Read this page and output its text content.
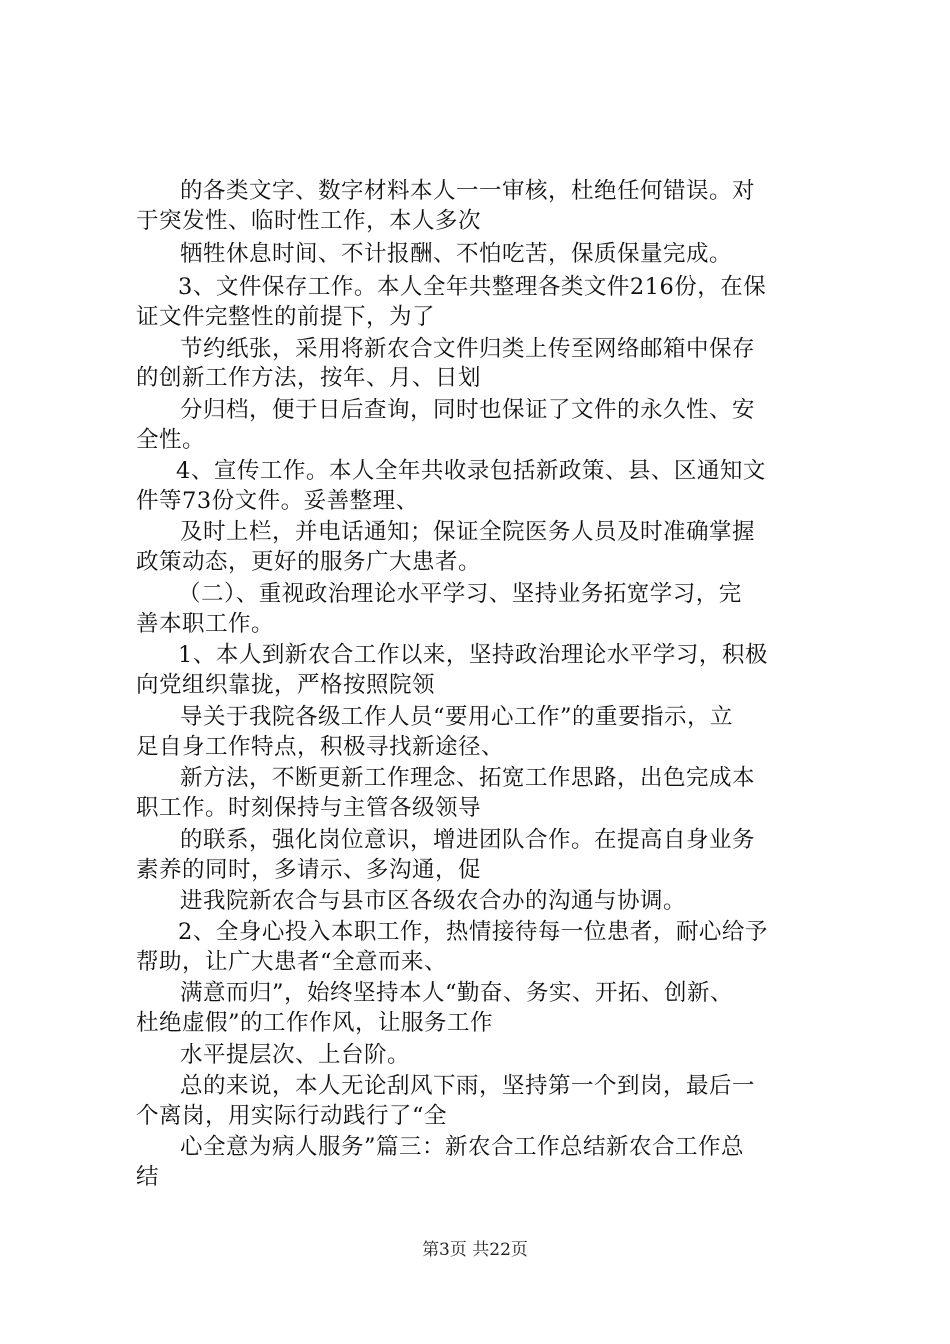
的各类文字、数字材料本人一一审核，杜绝任何错误。对
于突发性、临时性工作，本人多次
牺牲休息时间、不计报酬、不怕吃苦，保质保量完成。
3、文件保存工作。本人全年共整理各类文件216份，在保
证文件完整性的前提下，为了
节约纸张，采用将新农合文件归类上传至网络邮箱中保存
的创新工作方法，按年、月、日划
分归档，便于日后查询，同时也保证了文件的永久性、安
全性。
4、宣传工作。本人全年共收录包括新政策、县、区通知文
件等73份文件。妥善整理、
及时上栏，并电话通知；保证全院医务人员及时准确掌握
政策动态，更好的服务广大患者。
（二）、重视政治理论水平学习、坚持业务拓宽学习，完
善本职工作。
1、本人到新农合工作以来，坚持政治理论水平学习，积极
向党组织靠拢，严格按照院领
导关于我院各级工作人员“要用心工作”的重要指示，立
足自身工作特点，积极寻找新途径、
新方法，不断更新工作理念、拓宽工作思路，出色完成本
职工作。时刻保持与主管各级领导
的联系，强化岗位意识，增进团队合作。在提高自身业务
素养的同时，多请示、多沟通，促
进我院新农合与县市区各级农合办的沟通与协调。
2、全身心投入本职工作，热情接待每一位患者，耐心给予
帮助，让广大患者“全意而来、
满意而归”，始终坚持本人“勤奋、务实、开拓、创新、
杜绝虚假”的工作作风，让服务工作
水平提层次、上台阶。
总的来说，本人无论刮风下雨，坚持第一个到岗，最后一
个离岗，用实际行动践行了“全
心全意为病人服务”篇三：新农合工作总结新农合工作总
结
第3页 共22页
